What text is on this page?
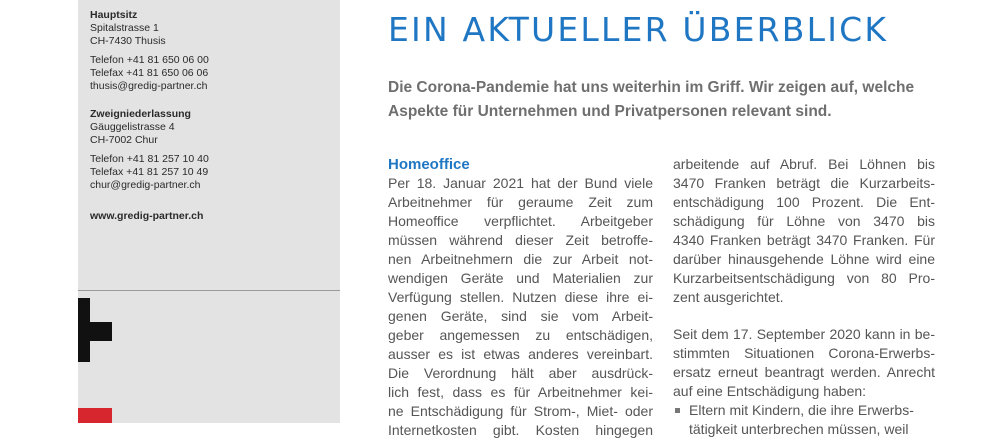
Hauptsitz
Spitalstrasse 1
CH-7430 Thusis
Telefon +41 81 650 06 00
Telefax +41 81 650 06 06
thusis@gredig-partner.ch
Zweigniederlassung
Gäuggelistrasse 4
CH-7002 Chur
Telefon +41 81 257 10 40
Telefax +41 81 257 10 49
chur@gredig-partner.ch
www.gredig-partner.ch
EIN AKTUELLER ÜBERBLICK
Die Corona-Pandemie hat uns weiterhin im Griff. Wir zeigen auf, welche
Aspekte für Unternehmen und Privatpersonen relevant sind.
Homeoffice
Per 18. Januar 2021 hat der Bund viele
Arbeitnehmer für geraume Zeit zum
Homeoffice verpflichtet. Arbeitgeber
müssen während dieser Zeit betroffe-
nen Arbeitnehmern die zur Arbeit not-
wendigen Geräte und Materialien zur
Verfügung stellen. Nutzen diese ihre ei-
genen Geräte, sind sie vom Arbeit-
geber angemessen zu entschädigen,
ausser es ist etwas anderes vereinbart.
Die Verordnung hält aber ausdrück-
lich fest, dass es für Arbeitnehmer kei-
ne Entschädigung für Strom-, Miet- oder
Internetkosten gibt. Kosten hingegen
arbeitende auf Abruf. Bei Löhnen bis
3470 Franken beträgt die Kurzarbeits-
entschädigung 100 Prozent. Die Ent-
schädigung für Löhne von 3470 bis
4340 Franken beträgt 3470 Franken. Für
darüber hinausgehende Löhne wird eine
Kurzarbeitsentschädigung von 80 Pro-
zent ausgerichtet.
Seit dem 17. September 2020 kann in be-
stimmten Situationen Corona-Erwerbs-
ersatz erneut beantragt werden. Anrecht
auf eine Entschädigung haben:
Eltern mit Kindern, die ihre Erwerbs-
tätigkeit unterbrechen müssen, weil
